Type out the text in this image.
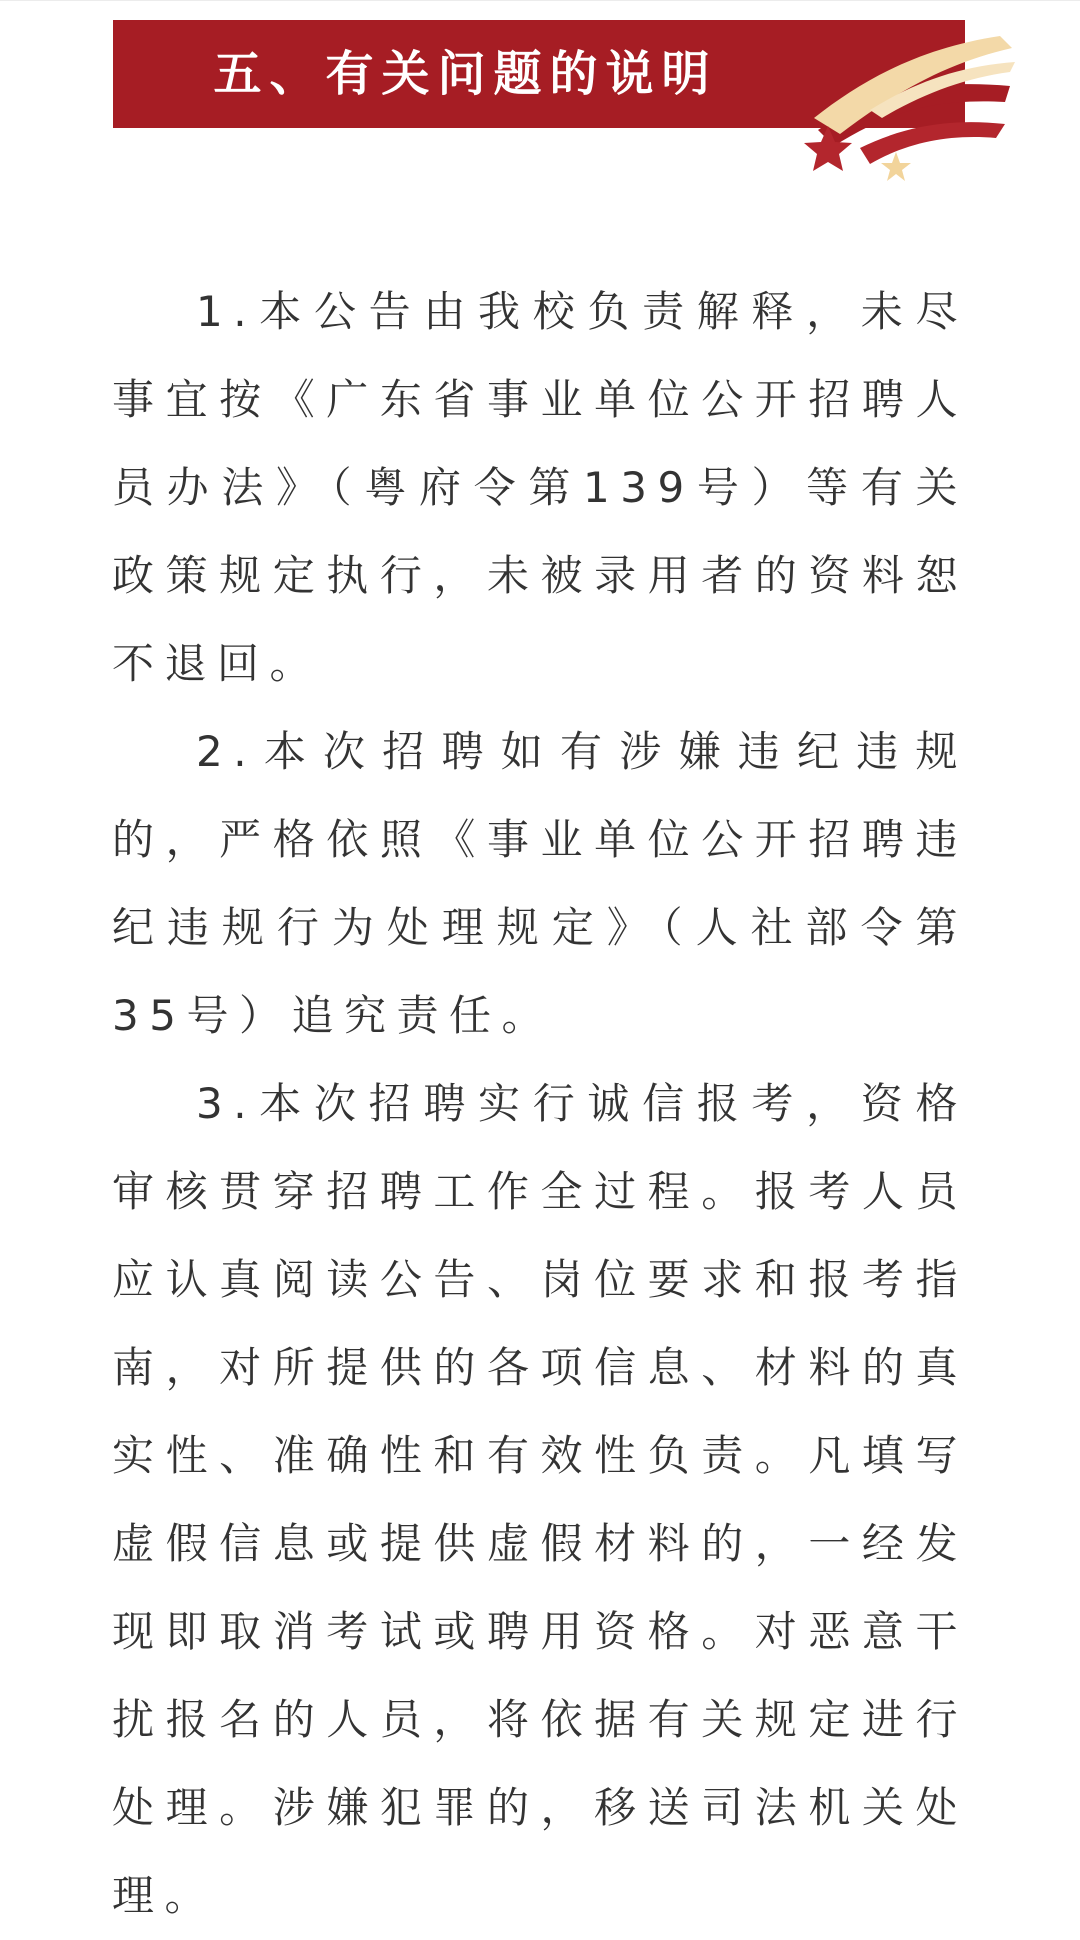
五、有关问题的说明

1.本公告由我校负责解释，未尽事宜按《广东省事业单位公开招聘人员办法》（粤府令第139号）等有关政策规定执行，未被录用者的资料恕不退回。

2.本次招聘如有涉嫌违纪违规的，严格依照《事业单位公开招聘违纪违规行为处理规定》（人社部令第35号）追究责任。

3.本次招聘实行诚信报考，资格审核贯穿招聘工作全过程。报考人员应认真阅读公告、岗位要求和报考指南，对所提供的各项信息、材料的真实性、准确性和有效性负责。凡填写虚假信息或提供虚假材料的，一经发现即取消考试或聘用资格。对恶意干扰报名的人员，将依据有关规定进行处理。涉嫌犯罪的，移送司法机关处理。
